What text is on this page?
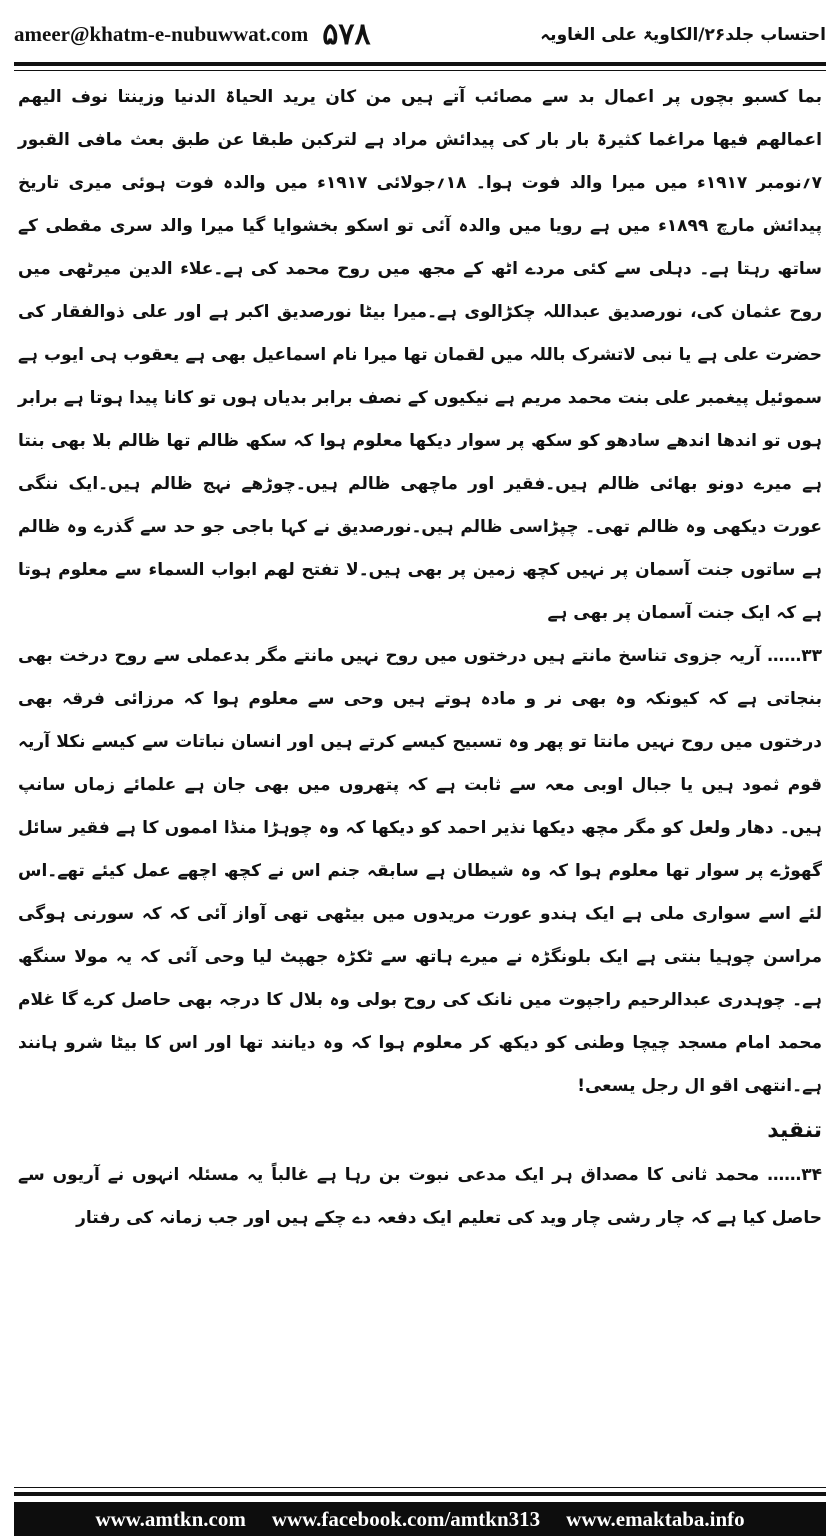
ameer@khatm-e-nubuwwat.com ۵۷۸	احتساب جلد۲۶/الکاویۃ علی الغاویہ

بما کسبو بچوں پر اعمال بد سے مصائب آتے ہیں من کان یرید الحیاۃ الدنیا وزینتا نوف الیھم اعمالھم فیھا مراغما کثیرۃ بار بار کی پیدائش مراد ہے لترکبن طبقا عن طبق بعث مافی القبور ۷؍نومبر ۱۹۱۷ء میں میرا والد فوت ہوا۔ ۱۸؍جولائی ۱۹۱۷ء میں والدہ فوت ہوئی میری تاریخ پیدائش مارچ ۱۸۹۹ء میں ہے رویا میں والدہ آئی تو اسکو بخشوایا گیا میرا والد سری مقطی کے ساتھ رہتا ہے۔ دہلی سے کئی مردے اٹھ کے مجھ میں روح محمد کی ہے۔علاء الدین میرٹھی میں روح عثمان کی، نورصدیق عبداللہ چکڑالوی ہے۔میرا بیٹا نورصدیق اکبر ہے اور علی ذوالفقار کی حضرت علی ہے یا نبی لاتشرک باللہ میں لقمان تھا میرا نام اسماعیل بھی ہے یعقوب ہی ایوب ہے سموئیل پیغمبر علی بنت محمد مریم ہے نیکیوں کے نصف برابر بدیاں ہوں تو کانا پیدا ہوتا ہے برابر ہوں تو اندھا اندھے سادھو کو سکھ پر سوار دیکھا معلوم ہوا کہ سکھ ظالم تھا ظالم بلا بھی بنتا ہے میرے دونو بھائی ظالم ہیں۔فقیر اور ماچھی ظالم ہیں۔چوڑھے نہج ظالم ہیں۔ایک ننگی عورت دیکھی وہ ظالم تھی۔ چپڑاسی ظالم ہیں۔نورصدیق نے کہا باجی جو حد سے گذرے وہ ظالم ہے ساتوں جنت آسمان پر نہیں کچھ زمین پر بھی ہیں۔لا تفتح لھم ابواب السماء سے معلوم ہوتا ہے کہ ایک جنت آسمان پر بھی ہے

۳۳…… آریہ جزوی تناسخ مانتے ہیں درختوں میں روح نہیں مانتے مگر بدعملی سے روح درخت بھی بنجاتی ہے کہ کیونکہ وہ بھی نر و مادہ ہوتے ہیں وحی سے معلوم ہوا کہ مرزائی فرقہ بھی درختوں میں روح نہیں مانتا تو پھر وہ تسبیح کیسے کرتے ہیں اور انسان نباتات سے کیسے نکلا آریہ قوم ثمود ہیں یا جبال اوبی معہ سے ثابت ہے کہ پتھروں میں بھی جان ہے علمائے زماں سانپ ہیں۔ دھار ولعل کو مگر مچھ دیکھا نذیر احمد کو دیکھا کہ وہ چوہڑا منڈا امموں کا ہے فقیر سائل گھوڑے پر سوار تھا معلوم ہوا کہ وہ شیطان ہے سابقہ جنم اس نے کچھ اچھے عمل کیئے تھے۔اس لئے اسے سواری ملی ہے ایک ہندو عورت مریدوں میں بیٹھی تھی آواز آئی کہ کہ سورنی ہوگی مراسن چوہیا بنتی ہے ایک بلونگڑہ نے میرے ہاتھ سے ٹکڑہ جھپٹ لیا وحی آئی کہ یہ مولا سنگھ ہے۔ چوہدری عبدالرحیم راجپوت میں نانک کی روح بولی وہ بلال کا درجہ بھی حاصل کرے گا غلام محمد امام مسجد چیچا وطنی کو دیکھ کر معلوم ہوا کہ وہ دیانند تھا اور اس کا بیٹا شرو ہانند ہے۔انتھی اقو ال رجل یسعی!

تنقید

۳۴…… محمد ثانی کا مصداق ہر ایک مدعی نبوت بن رہا ہے غالباً یہ مسئلہ انہوں نے آریوں سے حاصل کیا ہے کہ چار رشی چار وید کی تعلیم ایک دفعہ دے چکے ہیں اور جب زمانہ کی رفتار

www.amtkn.com www.facebook.com/amtkn313 www.emaktaba.info
